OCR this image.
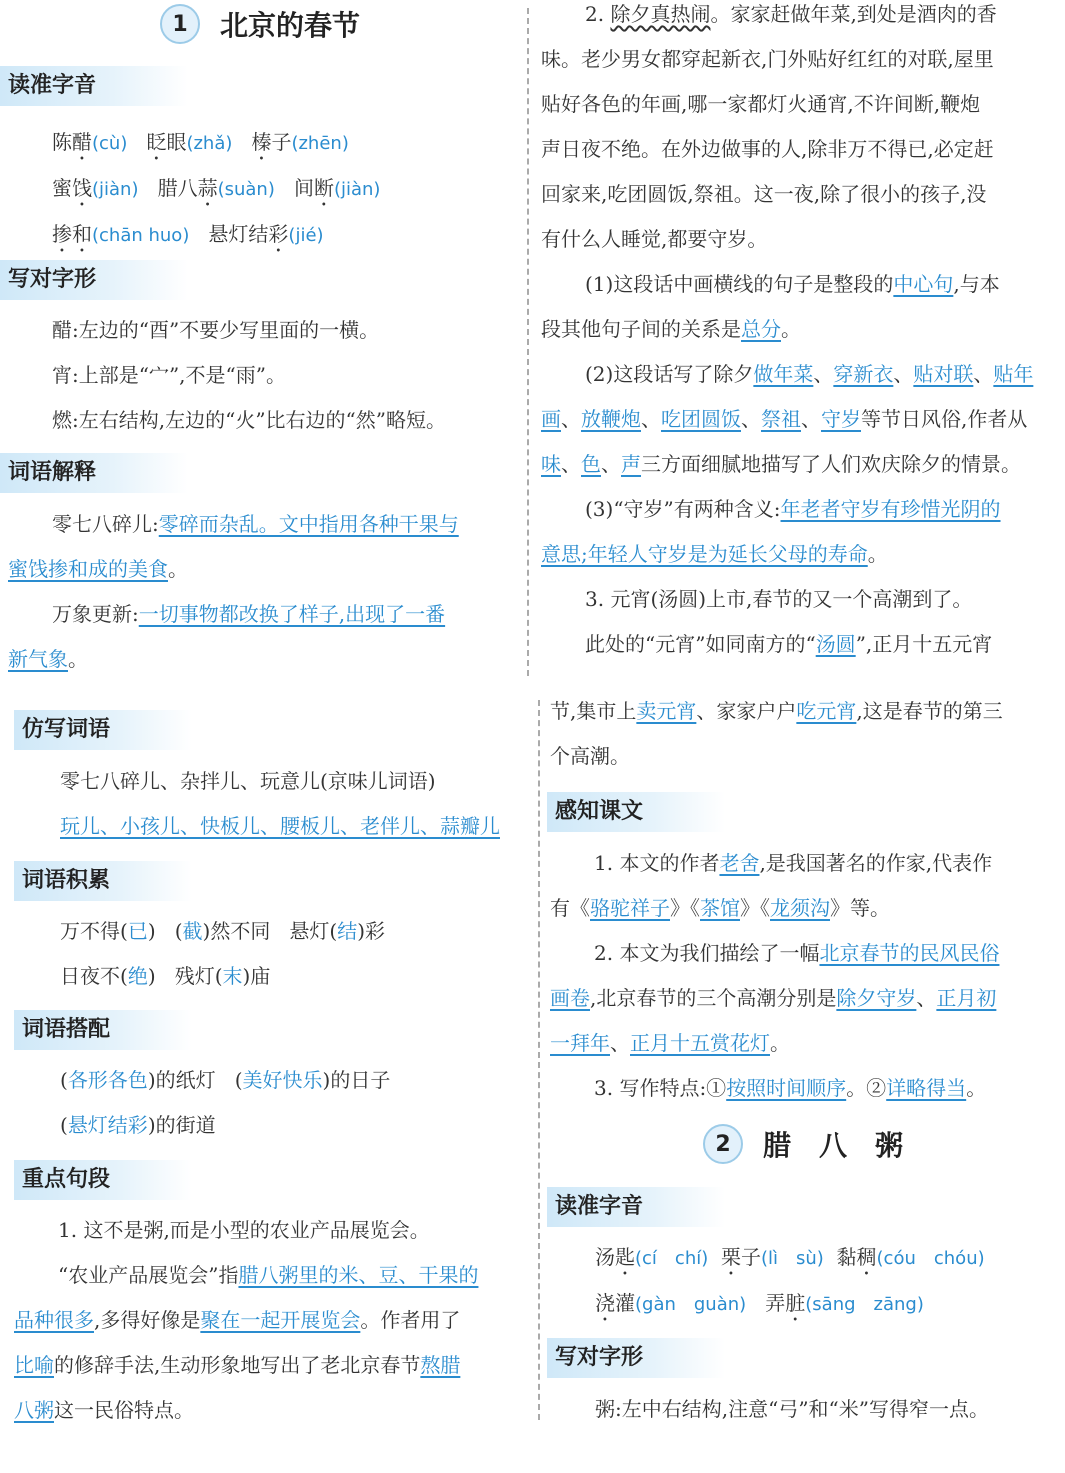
1	北京的春节
读准字音
陈醋(cù) 眨眼(zhǎ) 榛子(zhēn)
蜜饯(jiàn) 腊八蒜(suàn) 间断(jiàn)
掺和(chān huo) 悬灯结彩(jié)
写对字形
醋:左边的“酉”不要少写里面的一横。
宵:上部是“宀”,不是“雨”。
燃:左右结构,左边的“火”比右边的“然”略短。
词语解释
零七八碎儿:零碎而杂乱。文中指用各种干果与
蜜饯掺和成的美食。
万象更新:一切事物都改换了样子,出现了一番
新气象。
2. 除夕真热闹。家家赶做年菜,到处是酒肉的香
味。老少男女都穿起新衣,门外贴好红红的对联,屋里
贴好各色的年画,哪一家都灯火通宵,不许间断,鞭炮
声日夜不绝。在外边做事的人,除非万不得已,必定赶
回家来,吃团圆饭,祭祖。这一夜,除了很小的孩子,没
有什么人睡觉,都要守岁。
(1)这段话中画横线的句子是整段的中心句,与本
段其他句子间的关系是总分。
(2)这段话写了除夕做年菜、穿新衣、贴对联、贴年
画、放鞭炮、吃团圆饭、祭祖、守岁等节日风俗,作者从
味、色、声三方面细腻地描写了人们欢庆除夕的情景。
(3)“守岁”有两种含义:年老者守岁有珍惜光阴的
意思;年轻人守岁是为延长父母的寿命。
3. 元宵(汤圆)上市,春节的又一个高潮到了。
此处的“元宵”如同南方的“汤圆”,正月十五元宵
仿写词语
零七八碎儿、杂拌儿、玩意儿(京味儿词语)
玩儿、小孩儿、快板儿、腰板儿、老伴儿、蒜瓣儿
词语积累
万不得(已) (截)然不同 悬灯(结)彩
日夜不(绝) 残灯(末)庙
词语搭配
(各形各色)的纸灯 (美好快乐)的日子
(悬灯结彩)的街道
重点句段
1. 这不是粥,而是小型的农业产品展览会。
“农业产品展览会”指腊八粥里的米、豆、干果的
品种很多,多得好像是聚在一起开展览会。作者用了
比喻的修辞手法,生动形象地写出了老北京春节熬腊
八粥这一民俗特点。
节,集市上卖元宵、家家户户吃元宵,这是春节的第三
个高潮。
感知课文
1. 本文的作者老舍,是我国著名的作家,代表作
有《骆驼祥子》《茶馆》《龙须沟》等。
2. 本文为我们描绘了一幅北京春节的民风民俗
画卷,北京春节的三个高潮分别是除夕守岁、正月初
一拜年、正月十五赏花灯。
3. 写作特点:①按照时间顺序。②详略得当。
2	腊　八　粥
读准字音
汤匙(cí　chí) 栗子(lì　sù) 黏稠(cóu　chóu)
浇灌(gàn　guàn) 弄脏(sāng　zāng)
写对字形
粥:左中右结构,注意“弓”和“米”写得窄一点。
